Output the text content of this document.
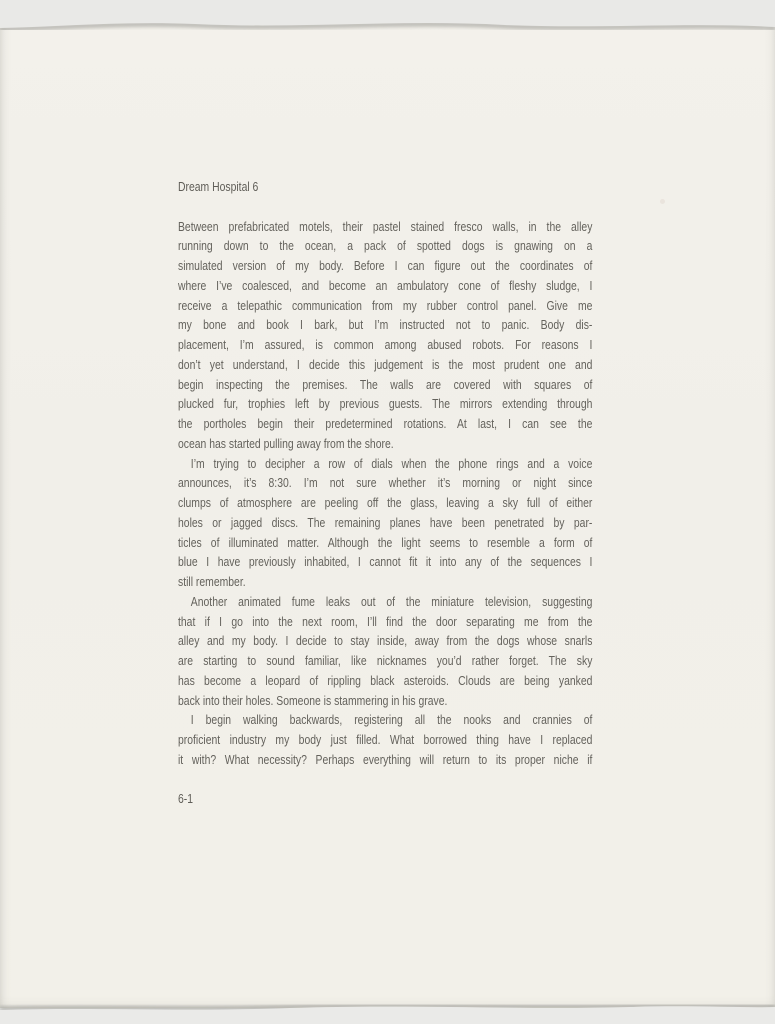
Dream Hospital 6
Between prefabricated motels, their pastel stained fresco walls, in the alley
running down to the ocean, a pack of spotted dogs is gnawing on a
simulated version of my body. Before I can figure out the coordinates of
where I’ve coalesced, and become an ambulatory cone of fleshy sludge, I
receive a telepathic communication from my rubber control panel. Give me
my bone and book I bark, but I’m instructed not to panic. Body dis-
placement, I’m assured, is common among abused robots. For reasons I
don’t yet understand, I decide this judgement is the most prudent one and
begin inspecting the premises. The walls are covered with squares of
plucked fur, trophies left by previous guests. The mirrors extending through
the portholes begin their predetermined rotations. At last, I can see the
ocean has started pulling away from the shore.
I’m trying to decipher a row of dials when the phone rings and a voice
announces, it’s 8:30. I’m not sure whether it’s morning or night since
clumps of atmosphere are peeling off the glass, leaving a sky full of either
holes or jagged discs. The remaining planes have been penetrated by par-
ticles of illuminated matter. Although the light seems to resemble a form of
blue I have previously inhabited, I cannot fit it into any of the sequences I
still remember.
Another animated fume leaks out of the miniature television, suggesting
that if I go into the next room, I’ll find the door separating me from the
alley and my body. I decide to stay inside, away from the dogs whose snarls
are starting to sound familiar, like nicknames you’d rather forget. The sky
has become a leopard of rippling black asteroids. Clouds are being yanked
back into their holes. Someone is stammering in his grave.
I begin walking backwards, registering all the nooks and crannies of
proficient industry my body just filled. What borrowed thing have I replaced
it with? What necessity? Perhaps everything will return to its proper niche if
6-1
